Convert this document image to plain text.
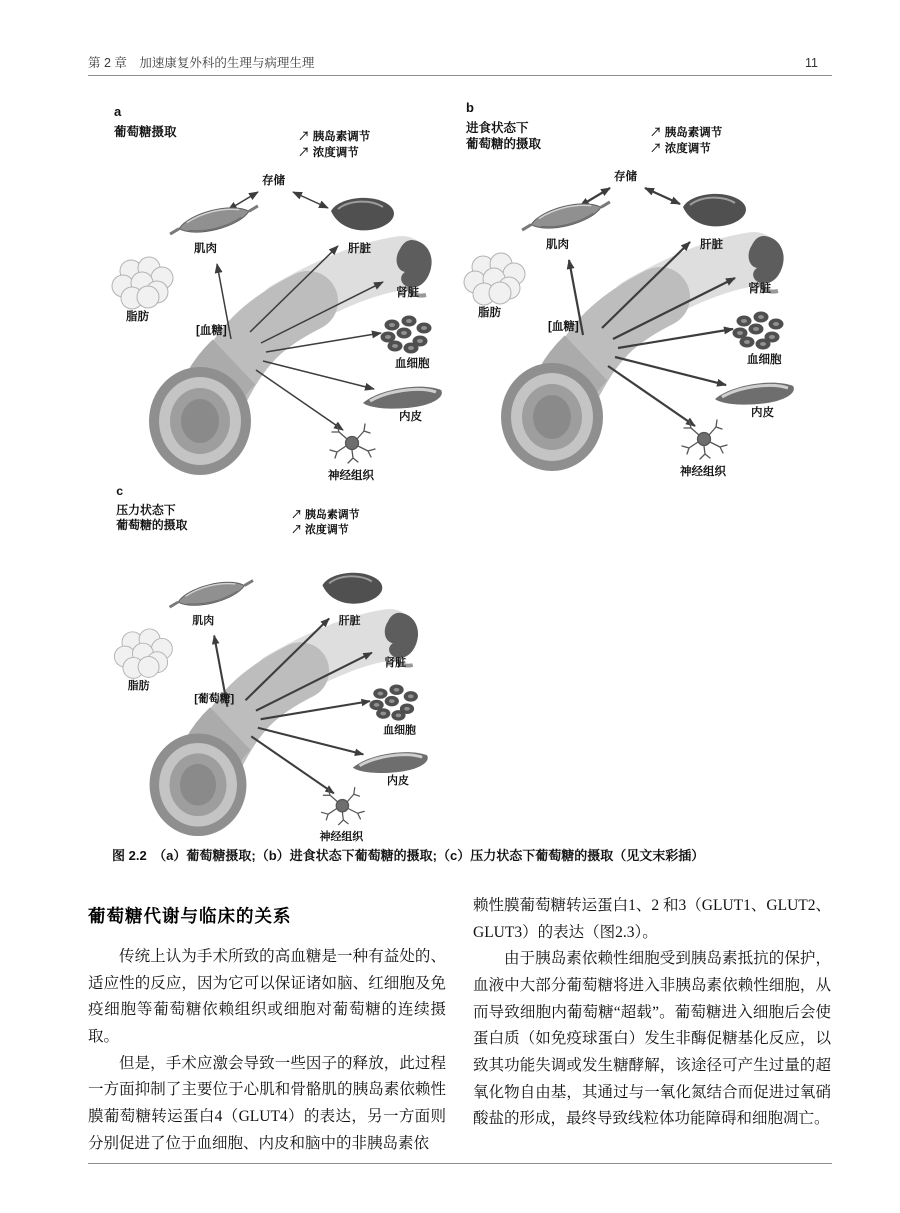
第 2 章　加速康复外科的生理与病理生理	11
a
葡萄糖摄取	↗ 胰岛素调节
↗ 浓度调节
存储
[血糖]
肌肉
脂肪
肝脏
肾脏
血细胞
内皮
神经组织
b
进食状态下
葡萄糖的摄取
↗ 胰岛素调节
↗ 浓度调节
存储
[血糖]
肌肉
脂肪
肝脏
肾脏
血细胞
内皮
神经组织
c
压力状态下
葡萄糖的摄取
↗ 胰岛素调节
↗ 浓度调节
[葡萄糖]
肌肉
脂肪
肝脏
肾脏
血细胞
内皮
神经组织

图 2.2　（a）葡萄糖摄取;（b）进食状态下葡萄糖的摄取;（c）压力状态下葡萄糖的摄取（见文末彩插）

葡萄糖代谢与临床的关系

传统上认为手术所致的高血糖是一种有益处的、适应性的反应，因为它可以保证诸如脑、红细胞及免疫细胞等葡萄糖依赖组织或细胞对葡萄糖的连续摄取。

但是，手术应激会导致一些因子的释放，此过程一方面抑制了主要位于心肌和骨骼肌的胰岛素依赖性膜葡萄糖转运蛋白4（GLUT4）的表达，另一方面则分别促进了位于血细胞、内皮和脑中的非胰岛素依

赖性膜葡萄糖转运蛋白1、2 和3（GLUT1、GLUT2、GLUT3）的表达（图2.3）。

由于胰岛素依赖性细胞受到胰岛素抵抗的保护，血液中大部分葡萄糖将进入非胰岛素依赖性细胞，从而导致细胞内葡萄糖“超载”。葡萄糖进入细胞后会使蛋白质（如免疫球蛋白）发生非酶促糖基化反应，以致其功能失调或发生糖酵解，该途径可产生过量的超氧化物自由基，其通过与一氧化氮结合而促进过氧硝酸盐的形成，最终导致线粒体功能障碍和细胞凋亡。
